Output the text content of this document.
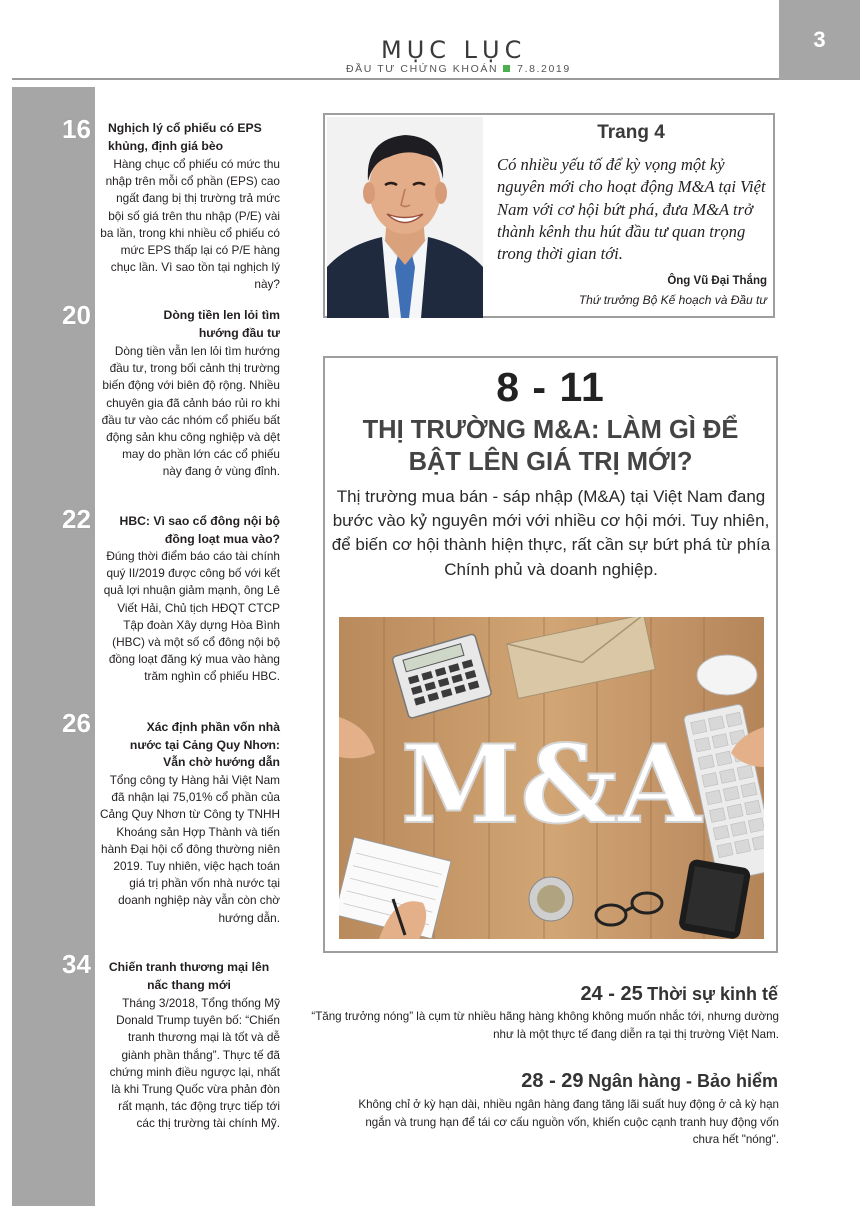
MỤC LỤC
ĐẦU TƯ CHỨNG KHOÁN 7.8.2019
3
16 Nghịch lý cổ phiếu có EPS khủng, định giá bèo
Hàng chục cổ phiếu có mức thu nhập trên mỗi cổ phần (EPS) cao ngất đang bị thị trường trả mức bội số giá trên thu nhập (P/E) vài ba lần, trong khi nhiều cổ phiếu có mức EPS thấp lại có P/E hàng chục lần. Vì sao tồn tại nghịch lý này?
20	Dòng tiền len lỏi tìm hướng đầu tư
Dòng tiền vẫn len lỏi tìm hướng đầu tư, trong bối cảnh thị trường biến động với biên độ rộng. Nhiều chuyên gia đã cảnh báo rủi ro khi đầu tư vào các nhóm cổ phiếu bất động sản khu công nghiệp và dệt may do phần lớn các cổ phiếu này đang ở vùng đỉnh.
22	HBC: Vì sao cổ đông nội bộ đồng loạt mua vào?
Đúng thời điểm báo cáo tài chính quý II/2019 được công bố với kết quả lợi nhuận giảm mạnh, ông Lê Viết Hải, Chủ tịch HĐQT CTCP Tập đoàn Xây dựng Hòa Bình (HBC) và một số cổ đông nội bộ đồng loạt đăng ký mua vào hàng trăm nghìn cổ phiếu HBC.
26	Xác định phần vốn nhà nước tại Cảng Quy Nhơn: Vẫn chờ hướng dẫn
Tổng công ty Hàng hải Việt Nam đã nhận lại 75,01% cổ phần của Cảng Quy Nhơn từ Công ty TNHH Khoáng sản Hợp Thành và tiến hành Đại hội cổ đông thường niên 2019. Tuy nhiên, việc hạch toán giá trị phần vốn nhà nước tại doanh nghiệp này vẫn còn chờ hướng dẫn.
34	Chiến tranh thương mại lên nấc thang mới
Tháng 3/2018, Tổng thống Mỹ Donald Trump tuyên bố: “Chiến tranh thương mại là tốt và dễ giành phần thắng”. Thực tế đã chứng minh điều ngược lại, nhất là khi Trung Quốc vừa phản đòn rất mạnh, tác động trực tiếp tới các thị trường tài chính Mỹ.
Trang 4
Có nhiều yếu tố để kỳ vọng một kỷ nguyên mới cho hoạt động M&A tại Việt Nam với cơ hội bứt phá, đưa M&A trở thành kênh thu hút đầu tư quan trọng trong thời gian tới.
Ông Vũ Đại Thắng
Thứ trưởng Bộ Kế hoạch và Đầu tư
8 - 11
THỊ TRƯỜNG M&A: LÀM GÌ ĐỂ
BẬT LÊN GIÁ TRỊ MỚI?
Thị trường mua bán - sáp nhập (M&A) tại Việt Nam đang bước vào kỷ nguyên mới với nhiều cơ hội mới. Tuy nhiên, để biến cơ hội thành hiện thực, rất cần sự bứt phá từ phía Chính phủ và doanh nghiệp.
M&A
24 - 25 Thời sự kinh tế
“Tăng trưởng nóng” là cụm từ nhiều hãng hàng không không muốn nhắc tới, nhưng dường như là một thực tế đang diễn ra tại thị trường Việt Nam.
28 - 29 Ngân hàng - Bảo hiểm
Không chỉ ở kỳ hạn dài, nhiều ngân hàng đang tăng lãi suất huy động ở cả kỳ hạn ngắn và trung hạn để tái cơ cấu nguồn vốn, khiến cuộc cạnh tranh huy động vốn chưa hết "nóng".
